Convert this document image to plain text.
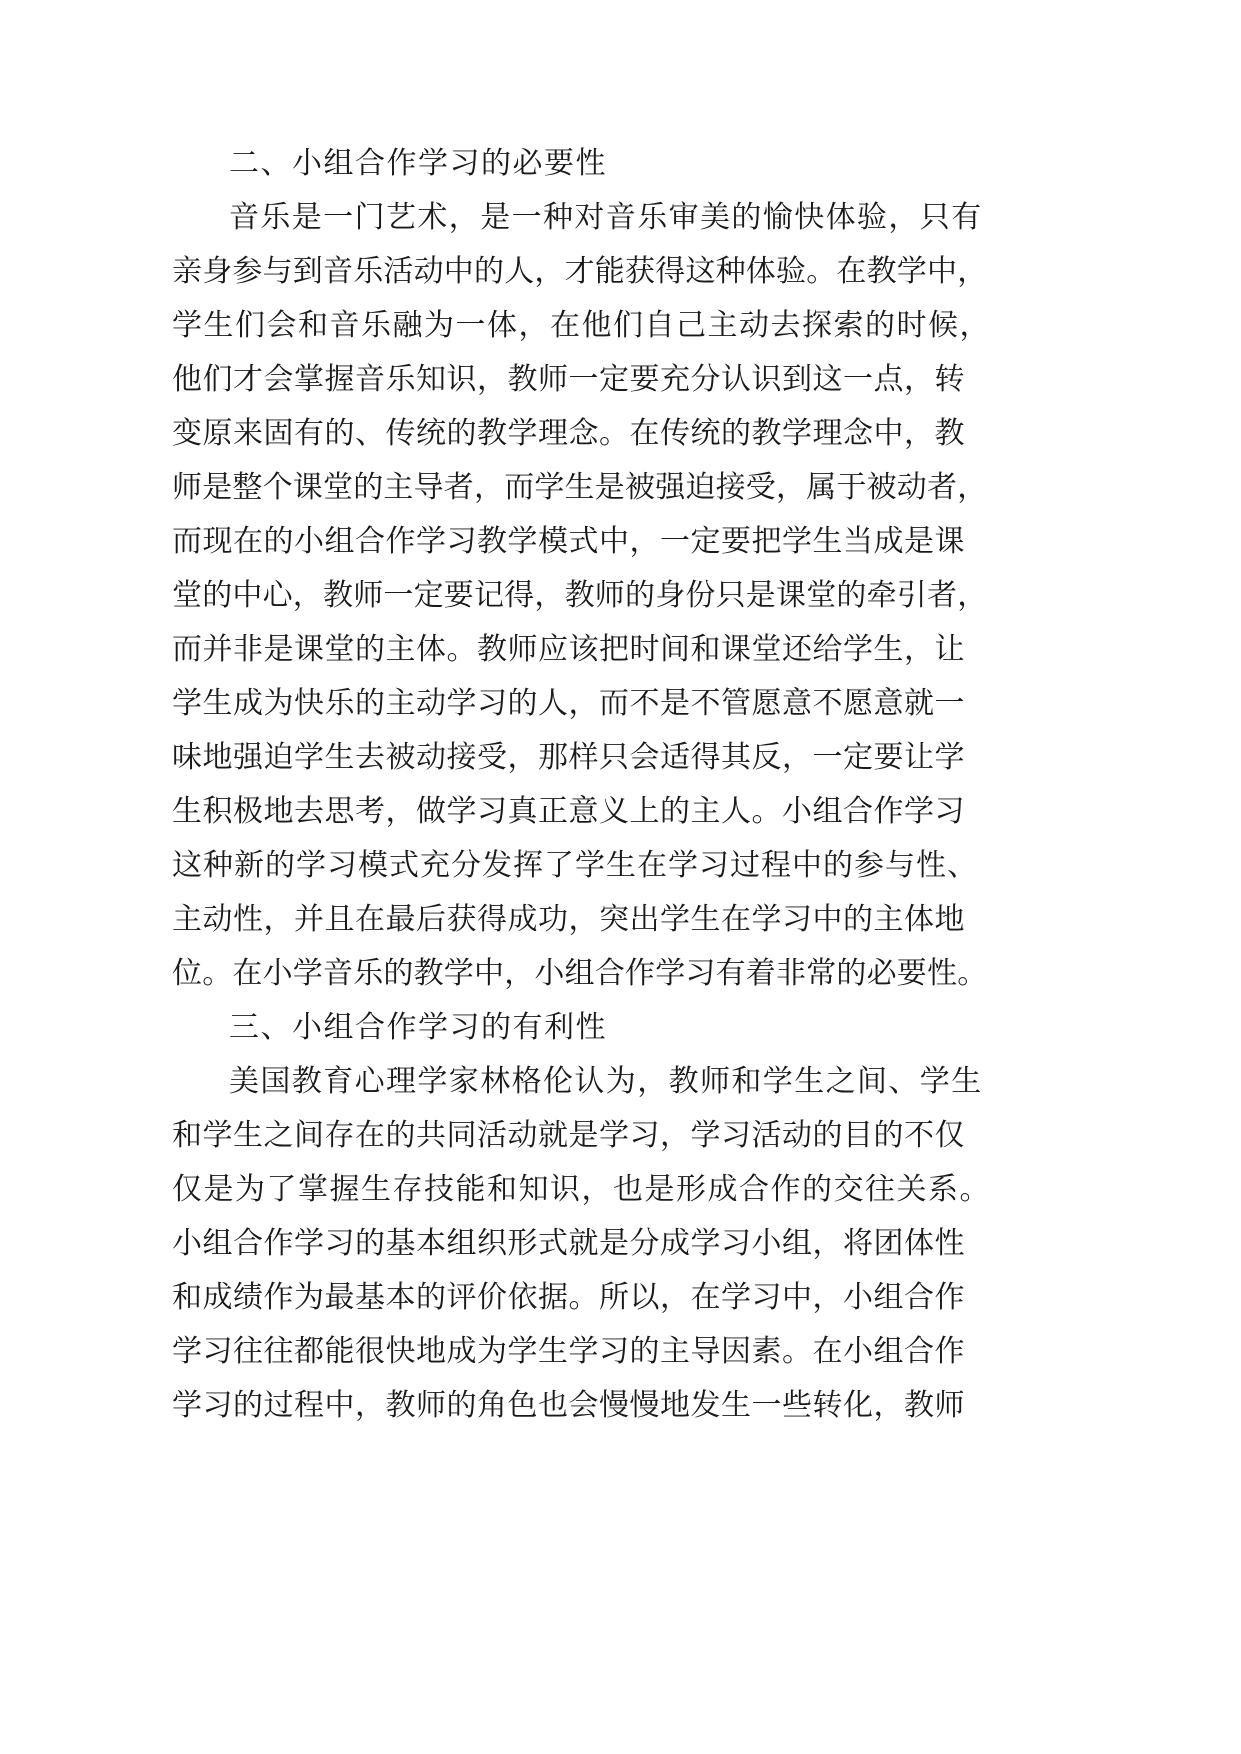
二、小组合作学习的必要性
音乐是一门艺术，是一种对音乐审美的愉快体验，只有
亲身参与到音乐活动中的人，才能获得这种体验。在教学中，
学生们会和音乐融为一体，在他们自己主动去探索的时候，
他们才会掌握音乐知识，教师一定要充分认识到这一点，转
变原来固有的、传统的教学理念。在传统的教学理念中，教
师是整个课堂的主导者，而学生是被强迫接受，属于被动者，
而现在的小组合作学习教学模式中，一定要把学生当成是课
堂的中心，教师一定要记得，教师的身份只是课堂的牵引者，
而并非是课堂的主体。教师应该把时间和课堂还给学生，让
学生成为快乐的主动学习的人，而不是不管愿意不愿意就一
味地强迫学生去被动接受，那样只会适得其反，一定要让学
生积极地去思考，做学习真正意义上的主人。小组合作学习
这种新的学习模式充分发挥了学生在学习过程中的参与性、
主动性，并且在最后获得成功，突出学生在学习中的主体地
位。在小学音乐的教学中，小组合作学习有着非常的必要性。
三、小组合作学习的有利性
美国教育心理学家林格伦认为，教师和学生之间、学生
和学生之间存在的共同活动就是学习，学习活动的目的不仅
仅是为了掌握生存技能和知识，也是形成合作的交往关系。
小组合作学习的基本组织形式就是分成学习小组，将团体性
和成绩作为最基本的评价依据。所以，在学习中，小组合作
学习往往都能很快地成为学生学习的主导因素。在小组合作
学习的过程中，教师的角色也会慢慢地发生一些转化，教师
